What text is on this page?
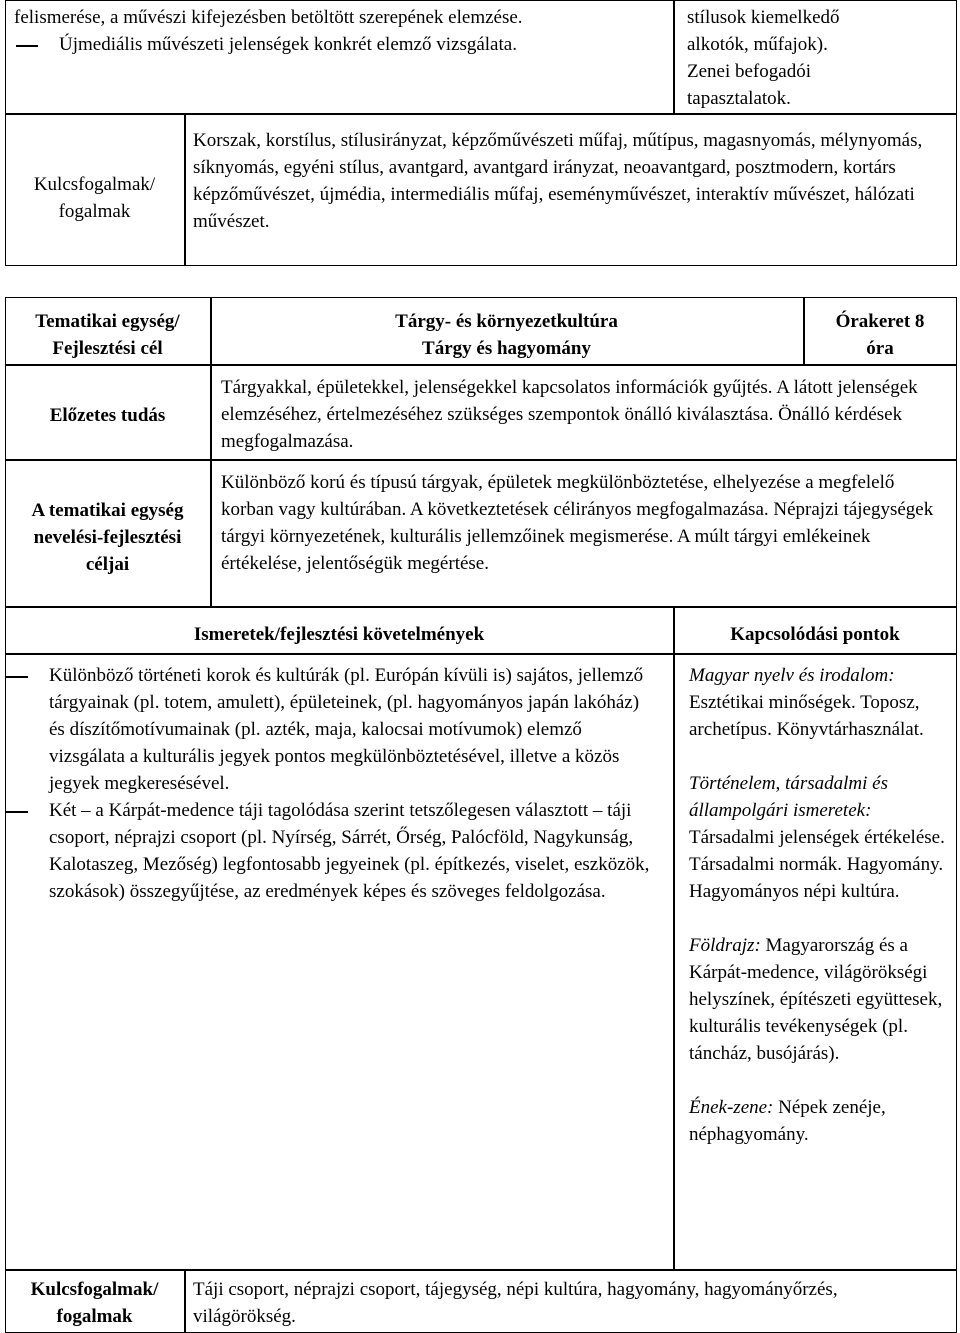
felismerése, a művészi kifejezésben betöltött szerepének elemzése.

Újmediális művészeti jelenségek konkrét elemző vizsgálata.
stílusok kiemelkedő alkotók, műfajok). Zenei befogadói tapasztalatok.
Kulcsfogalmak/
fogalmak
Korszak, korstílus, stílusirányzat, képzőművészeti műfaj, műtípus, magasnyomás, mélynyomás, síknyomás, egyéni stílus, avantgard, avantgard irányzat, neoavantgard, posztmodern, kortárs képzőművészet, újmédia, intermediális műfaj, eseményművészet, interaktív művészet, hálózati művészet.
Tematikai egység/
Fejlesztési cél
Tárgy- és környezetkultúra
Tárgy és hagyomány
Órakeret 8
óra
Előzetes tudás
Tárgyakkal, épületekkel, jelenségekkel kapcsolatos információk gyűjtés. A látott jelenségek elemzéséhez, értelmezéséhez szükséges szempontok önálló kiválasztása. Önálló kérdések megfogalmazása.
A tematikai egység
nevelési-fejlesztési
céljai
Különböző korú és típusú tárgyak, épületek megkülönböztetése, elhelyezése a megfelelő korban vagy kultúrában. A következtetések célirányos megfogalmazása. Néprajzi tájegységek tárgyi környezetének, kulturális jellemzőinek megismerése. A múlt tárgyi emlékeinek értékelése, jelentőségük megértése.
Ismeretek/fejlesztési követelmények	Kapcsolódási pontok
Különböző történeti korok és kultúrák (pl. Európán kívüli is) sajátos, jellemző tárgyainak (pl. totem, amulett), épületeinek, (pl. hagyományos japán lakóház) és díszítőmotívumainak (pl. azték, maja, kalocsai motívumok) elemző vizsgálata a kulturális jegyek pontos megkülönböztetésével, illetve a közös jegyek megkeresésével.
Két – a Kárpát-medence táji tagolódása szerint tetszőlegesen választott – táji csoport, néprajzi csoport (pl. Nyírség, Sárrét, Őrség, Palócföld, Nagykunság, Kalotaszeg, Mezőség) legfontosabb jegyeinek (pl. építkezés, viselet, eszközök, szokások) összegyűjtése, az eredmények képes és szöveges feldolgozása.

Magyar nyelv és irodalom: Esztétikai minőségek. Toposz, archetípus. Könyvtárhasználat.

Történelem, társadalmi és állampolgári ismeretek: Társadalmi jelenségek értékelése. Társadalmi normák. Hagyomány. Hagyományos népi kultúra.

Földrajz: Magyarország és a Kárpát-medence, világörökségi helyszínek, építészeti együttesek, kulturális tevékenységek (pl. táncház, busójárás).

Ének-zene: Népek zenéje, néphagyomány.

Kulcsfogalmak/
fogalmak
Táji csoport, néprajzi csoport, tájegység, népi kultúra, hagyomány, hagyományőrzés, világörökség.
